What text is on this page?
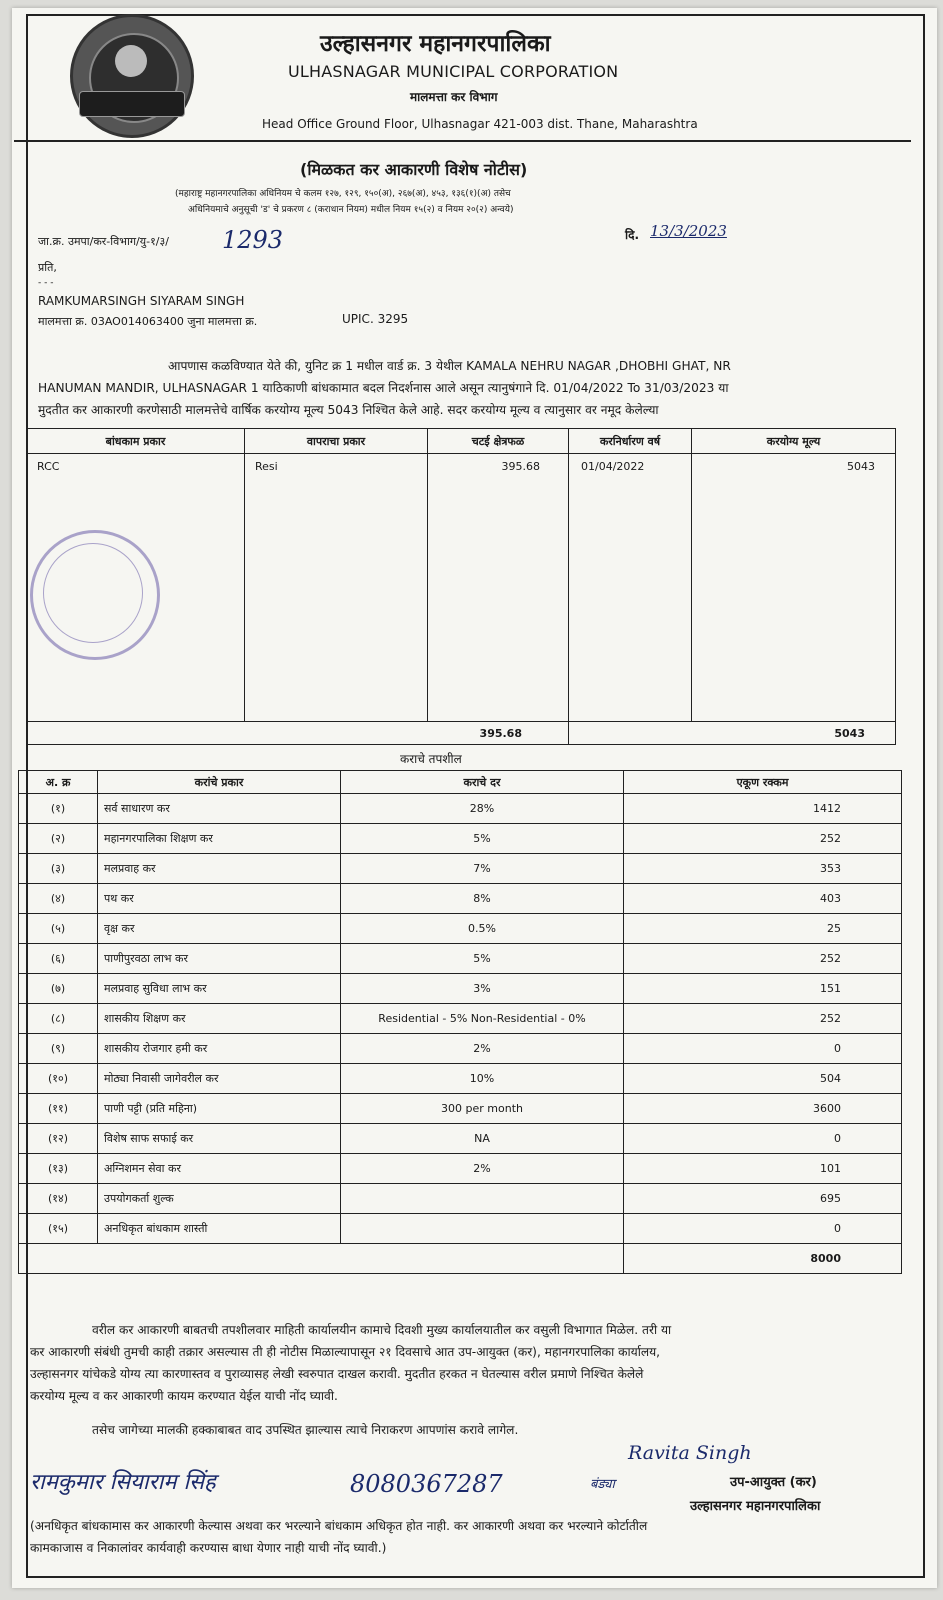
उल्हासनगर महानगरपालिका
ULHASNAGAR MUNICIPAL CORPORATION
मालमत्ता कर विभाग
Head Office Ground Floor, Ulhasnagar 421-003 dist. Thane, Maharashtra
(मिळकत कर आकारणी विशेष नोटीस)
(महाराष्ट्र महानगरपालिका अधिनियम चे कलम १२७, १२९, १५०(अ), २६७(अ), ४५३, १३६(१)(अ) तसेच
अधिनियमाचे अनुसूची 'ड' चे प्रकरण ८ (कराधान नियम) मधील नियम १५(२) व नियम २०(२) अन्वये)
जा.क्र. उमपा/कर-विभाग/यु-१/३/ 1293	दि. 13/3/2023
प्रति,
- - -
RAMKUMARSINGH SIYARAM SINGH
मालमत्ता क्र. 03AO014063400 जुना मालमत्ता क्र.	UPIC. 3295
आपणास कळविण्यात येते की, युनिट क्र 1 मधील वार्ड क्र. 3 येथील KAMALA NEHRU NAGAR ,DHOBHI GHAT, NR
HANUMAN MANDIR, ULHASNAGAR 1 याठिकाणी बांधकामात बदल निदर्शनास आले असून त्यानुषंगाने दि. 01/04/2022 To 31/03/2023 या
मुदतीत कर आकारणी करणेसाठी मालमत्तेचे वार्षिक करयोग्य मूल्य 5043 निश्चित केले आहे. सदर करयोग्य मूल्य व त्यानुसार वर नमूद केलेल्या
बांधकाम प्रकार	वापराचा प्रकार	चटई क्षेत्रफळ	करनिर्धारण वर्ष	करयोग्य मूल्य
RCC	Resi	395.68	01/04/2022	5043
395.68			5043	
कराचे तपशील
अ. क्र	करांचे प्रकार	कराचे दर	एकूण रक्कम
(१)	सर्व साधारण कर	28%	1412
(२)	महानगरपालिका शिक्षण कर	5%	252
(३)	मलप्रवाह कर	7%	353
(४)	पथ कर	8%	403
(५)	वृक्ष कर	0.5%	25
(६)	पाणीपुरवठा लाभ कर	5%	252
(७)	मलप्रवाह सुविधा लाभ कर	3%	151
(८)	शासकीय शिक्षण कर	Residential - 5% Non-Residential - 0%	252
(९)	शासकीय रोजगार हमी कर	2%	0
(१०)	मोठ्या निवासी जागेवरील कर	10%	504
(११)	पाणी पट्टी (प्रति महिना)	300 per month	3600
(१२)	विशेष साफ सफाई कर	NA	0
(१३)	अग्निशमन सेवा कर	2%	101
(१४)	उपयोगकर्ता शुल्क		695
(१५)	अनधिकृत बांधकाम शास्ती		0
			8000
वरील कर आकारणी बाबतची तपशीलवार माहिती कार्यालयीन कामाचे दिवशी मुख्य कार्यालयातील कर वसुली विभागात मिळेल. तरी या
कर आकारणी संबंधी तुमची काही तक्रार असल्यास ती ही नोटीस मिळाल्यापासून २१ दिवसाचे आत उप-आयुक्त (कर), महानगरपालिका कार्यालय,
उल्हासनगर यांचेकडे योग्य त्या कारणास्तव व पुराव्यासह लेखी स्वरुपात दाखल करावी. मुदतीत हरकत न घेतल्यास वरील प्रमाणे निश्चित केलेले
करयोग्य मूल्य व कर आकारणी कायम करण्यात येईल याची नोंद घ्यावी.
तसेच जागेच्या मालकी हक्काबाबत वाद उपस्थित झाल्यास त्याचे निराकरण आपणांस करावे लागेल.
रामकुमार सियाराम सिंह	8080367287	बंड्या
Ravita Singh
उप-आयुक्त (कर)
उल्हासनगर महानगरपालिका
(अनधिकृत बांधकामास कर आकारणी केल्यास अथवा कर भरल्याने बांधकाम अधिकृत होत नाही. कर आकारणी अथवा कर भरल्याने कोर्टातील
कामकाजास व निकालांवर कार्यवाही करण्यास बाधा येणार नाही याची नोंद घ्यावी.)
